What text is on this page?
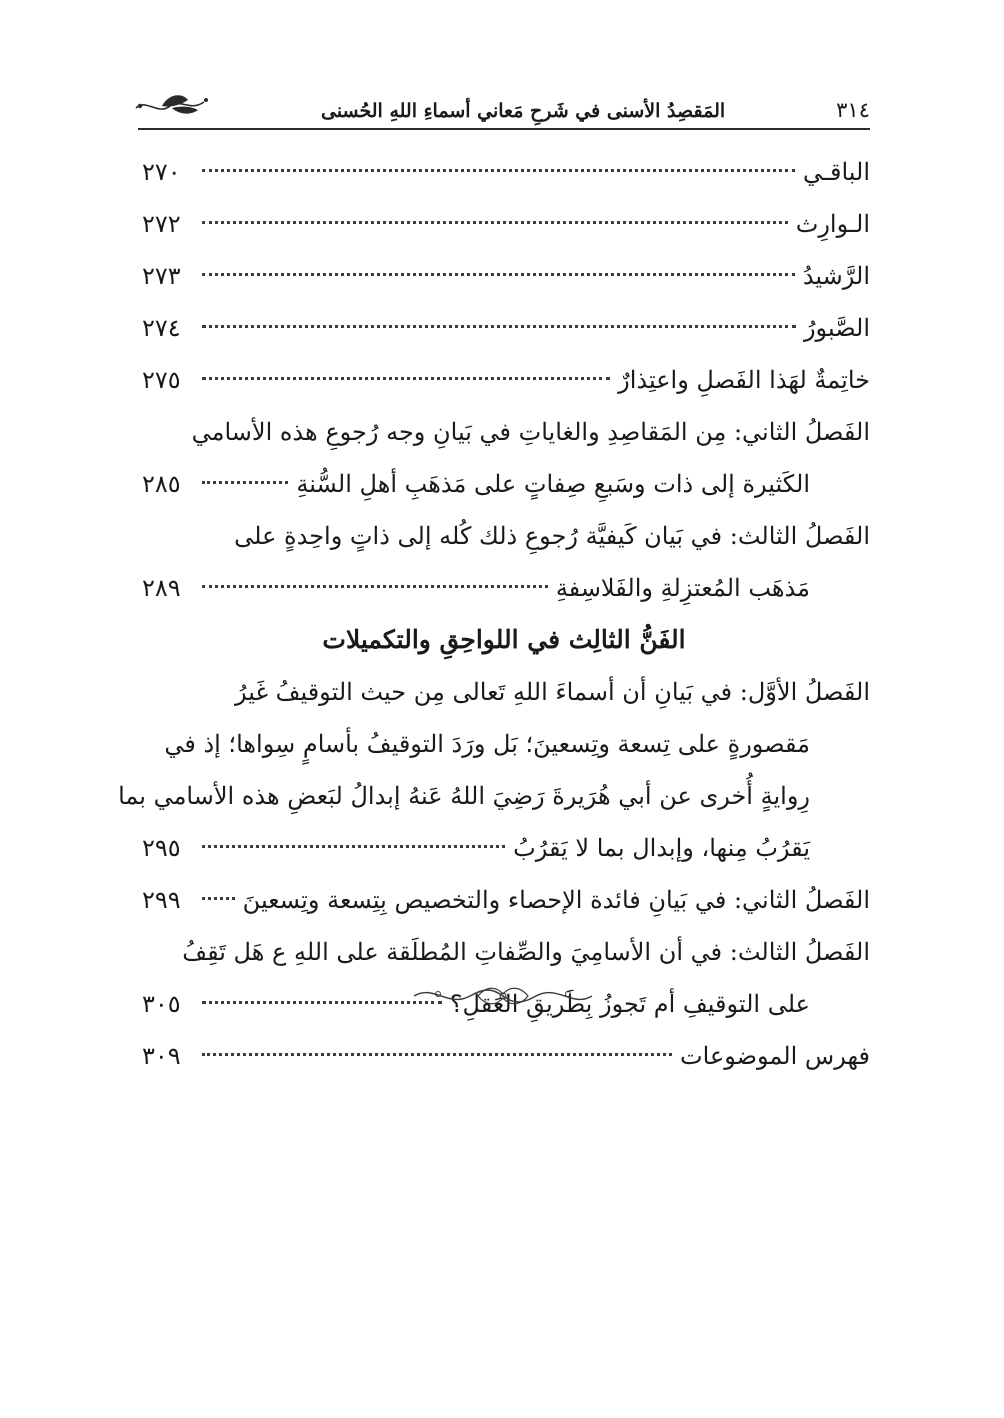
المَقصِدُ الأسنى في شَرحِ مَعاني أسماءِ اللهِ الحُسنى	٣١٤
الباقـي
٢٧٠
الـوارِث
٢٧٢
الرَّشيدُ
٢٧٣
الصَّبورُ
٢٧٤
خاتِمةٌ لهَذا الفَصلِ واعتِذارٌ
٢٧٥
الفَصلُ الثاني: مِن المَقاصِدِ والغاياتِ في بَيانِ وجه رُجوعِ هذه الأسامي
الكَثيرة إلى ذات وسَبعِ صِفاتٍ على مَذهَبِ أهلِ السُّنةِ
٢٨٥
الفَصلُ الثالث: في بَيان كَيفيَّة رُجوعِ ذلك كُله إلى ذاتٍ واحِدةٍ على
مَذهَب المُعتزِلةِ والفَلاسِفةِ
٢٨٩
الفَنُّ الثالِث في اللواحِقِ والتكميلات
الفَصلُ الأوَّل: في بَيانِ أن أسماءَ اللهِ تَعالى مِن حيث التوقيفُ غَيرُ
مَقصورةٍ على تِسعة وتِسعينَ؛ بَل ورَدَ التوقيفُ بأسامٍ سِواها؛ إذ في
رِوايةٍ أُخرى عن أبي هُرَيرةَ رَضِيَ اللهُ عَنهُ إبدالُ لبَعضِ هذه الأسامي بما
يَقرُبُ مِنها، وإبدال بما لا يَقرُبُ
٢٩٥
الفَصلُ الثاني: في بَيانِ فائدة الإحصاء والتخصيص بِتِسعة وتِسعينَ
٢٩٩
الفَصلُ الثالث: في أن الأسامِيَ والصِّفاتِ المُطلَقة على اللهِ ع هَل تَقِفُ
على التوقيفِ أم تَجوزُ بِطَريقِ العَقلِ؟
٣٠٥
فهرس الموضوعات
٣٠٩
